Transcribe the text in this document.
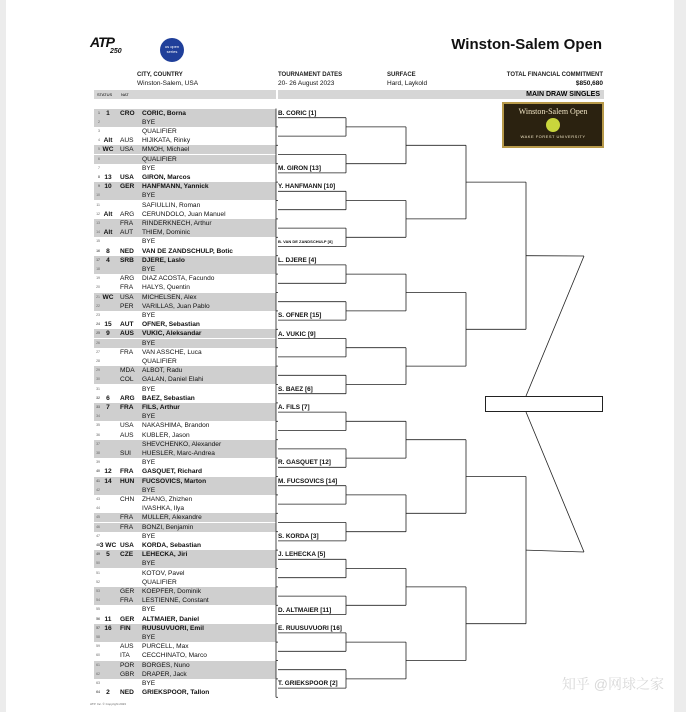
ATP
250
us open series	Winston-Salem Open
CITY, COUNTRY
Winston-Salem, USA
TOURNAMENT DATES
20- 26 August 2023
SURFACE
Hard, Laykold
TOTAL FINANCIAL COMMITMENT
$850,680
STATUS NAT	MAIN DRAW SINGLES
Winston-Salem Open
WAKE FOREST UNIVERSITY
1 1	CRO	CORIC, Borna
2	BYE
3	QUALIFIER
4 Alt	AUS	HIJIKATA, Rinky
5 WC USA	MMOH, Michael
6	QUALIFIER
7	BYE
8 13	USA	GIRON, Marcos
9 10	GER	HANFMANN, Yannick
10	BYE
11	SAFIULLIN, Roman
12 Alt	ARG	CERUNDOLO, Juan Manuel
13	FRA	RINDERKNECH, Arthur
14 Alt	AUT	THIEM, Dominic
15	BYE
16 8	NED	VAN DE ZANDSCHULP, Botic
17 4	SRB	DJERE, Laslo
18	BYE
19	ARG	DIAZ ACOSTA, Facundo
20	FRA	HALYS, Quentin
21 WC USA	MICHELSEN, Alex
22	PER	VARILLAS, Juan Pablo
23	BYE
24 15	AUT	OFNER, Sebastian
25 9	AUS	VUKIC, Aleksandar
26	BYE
27	FRA	VAN ASSCHE, Luca
28	QUALIFIER
29	MDA	ALBOT, Radu
30	COL	GALAN, Daniel Elahi
31	BYE
32 6	ARG	BAEZ, Sebastian
33 7	FRA	FILS, Arthur
34	BYE
35	USA	NAKASHIMA, Brandon
36	AUS	KUBLER, Jason
37	SHEVCHENKO, Alexander
38	SUI	HUESLER, Marc-Andrea
39	BYE
40 12	FRA	GASQUET, Richard
41 14	HUN	FUCSOVICS, Marton
42	BYE
43	CHN	ZHANG, Zhizhen
44	IVASHKA, Ilya
45	FRA	MULLER, Alexandre
46	FRA	BONZI, Benjamin
47	BYE
48 3 WC USA	KORDA, Sebastian
49 5	CZE	LEHECKA, Jiri
50	BYE
51	KOTOV, Pavel
52	QUALIFIER
53	GER	KOEPFER, Dominik
54	FRA	LESTIENNE, Constant
55	BYE
56 11	GER	ALTMAIER, Daniel
57 16	FIN	RUUSUVUORI, Emil
58	BYE
59	AUS	PURCELL, Max
60	ITA	CECCHINATO, Marco
61	POR	BORGES, Nuno
62	GBR	DRAPER, Jack
63	BYE
64 2	NED	GRIEKSPOOR, Tallon
B. CORIC [1]
M. GIRON [13]
Y. HANFMANN [10]
B. VAN DE ZANDSCHULP [8]
L. DJERE [4]
S. OFNER [15]
A. VUKIC [9]
S. BAEZ [6]
A. FILS [7]
R. GASQUET [12]
M. FUCSOVICS [14]
S. KORDA [3]
J. LEHECKA [5]
D. ALTMAIER [11]
E. RUUSUVUORI [16]
T. GRIEKSPOOR [2]	知乎 @网球之家
ATP. Inc. © Copyright 2023
